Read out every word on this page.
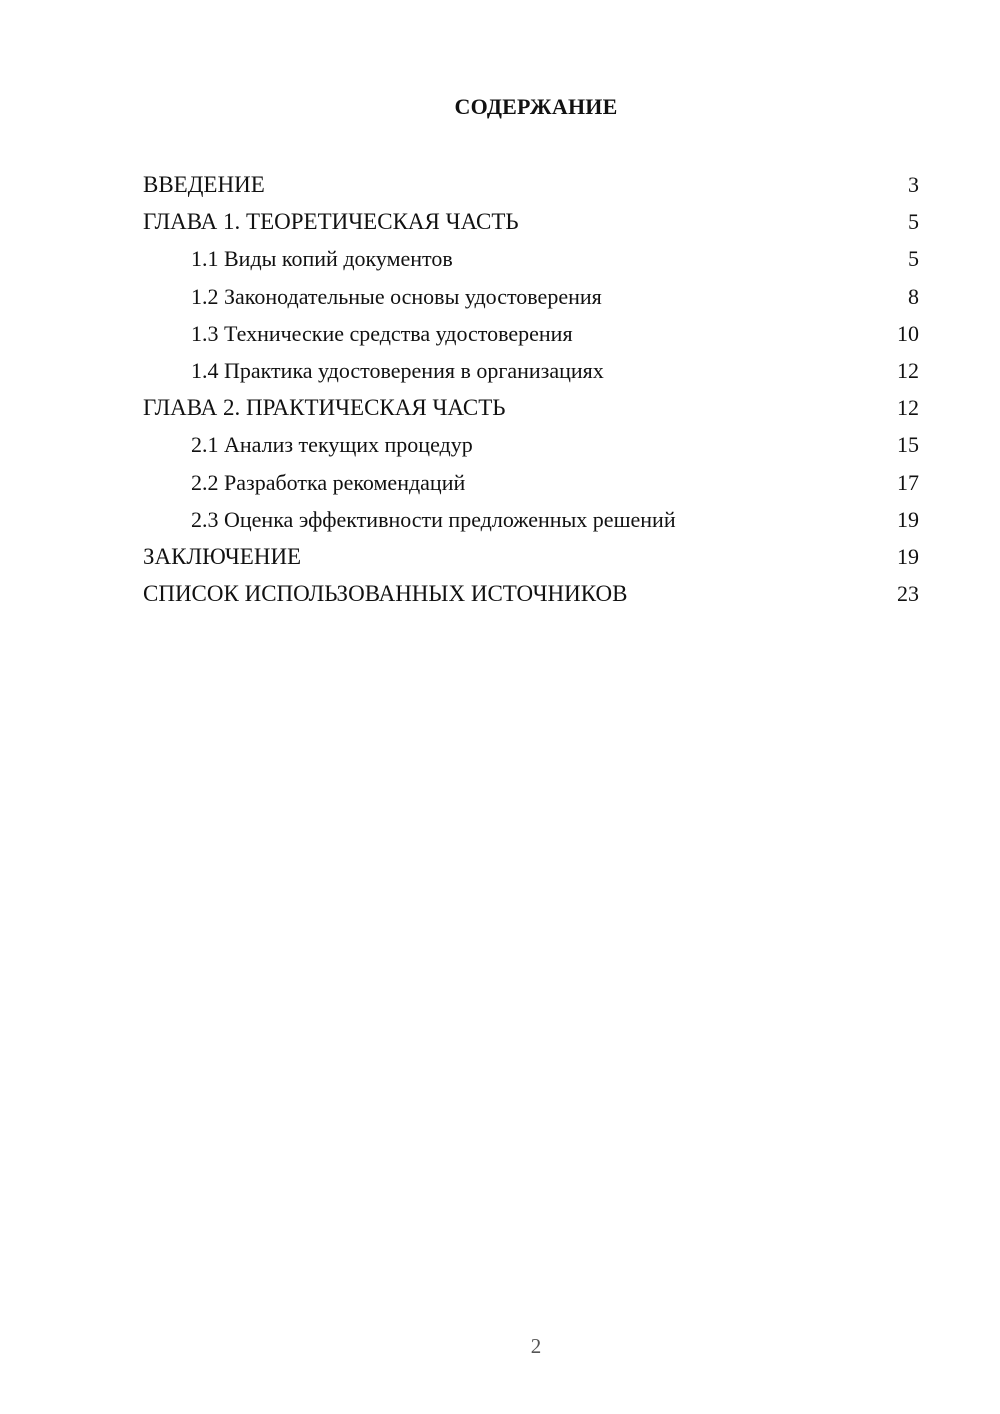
СОДЕРЖАНИЕ
ВВЕДЕНИЕ	3
ГЛАВА 1. ТЕОРЕТИЧЕСКАЯ ЧАСТЬ	5
1.1 Виды копий документов	5
1.2 Законодательные основы удостоверения	8
1.3 Технические средства удостоверения	10
1.4 Практика удостоверения в организациях	12
ГЛАВА 2. ПРАКТИЧЕСКАЯ ЧАСТЬ	12
2.1 Анализ текущих процедур	15
2.2 Разработка рекомендаций	17
2.3 Оценка эффективности предложенных решений	19
ЗАКЛЮЧЕНИЕ	19
СПИСОК ИСПОЛЬЗОВАННЫХ ИСТОЧНИКОВ	23
2
